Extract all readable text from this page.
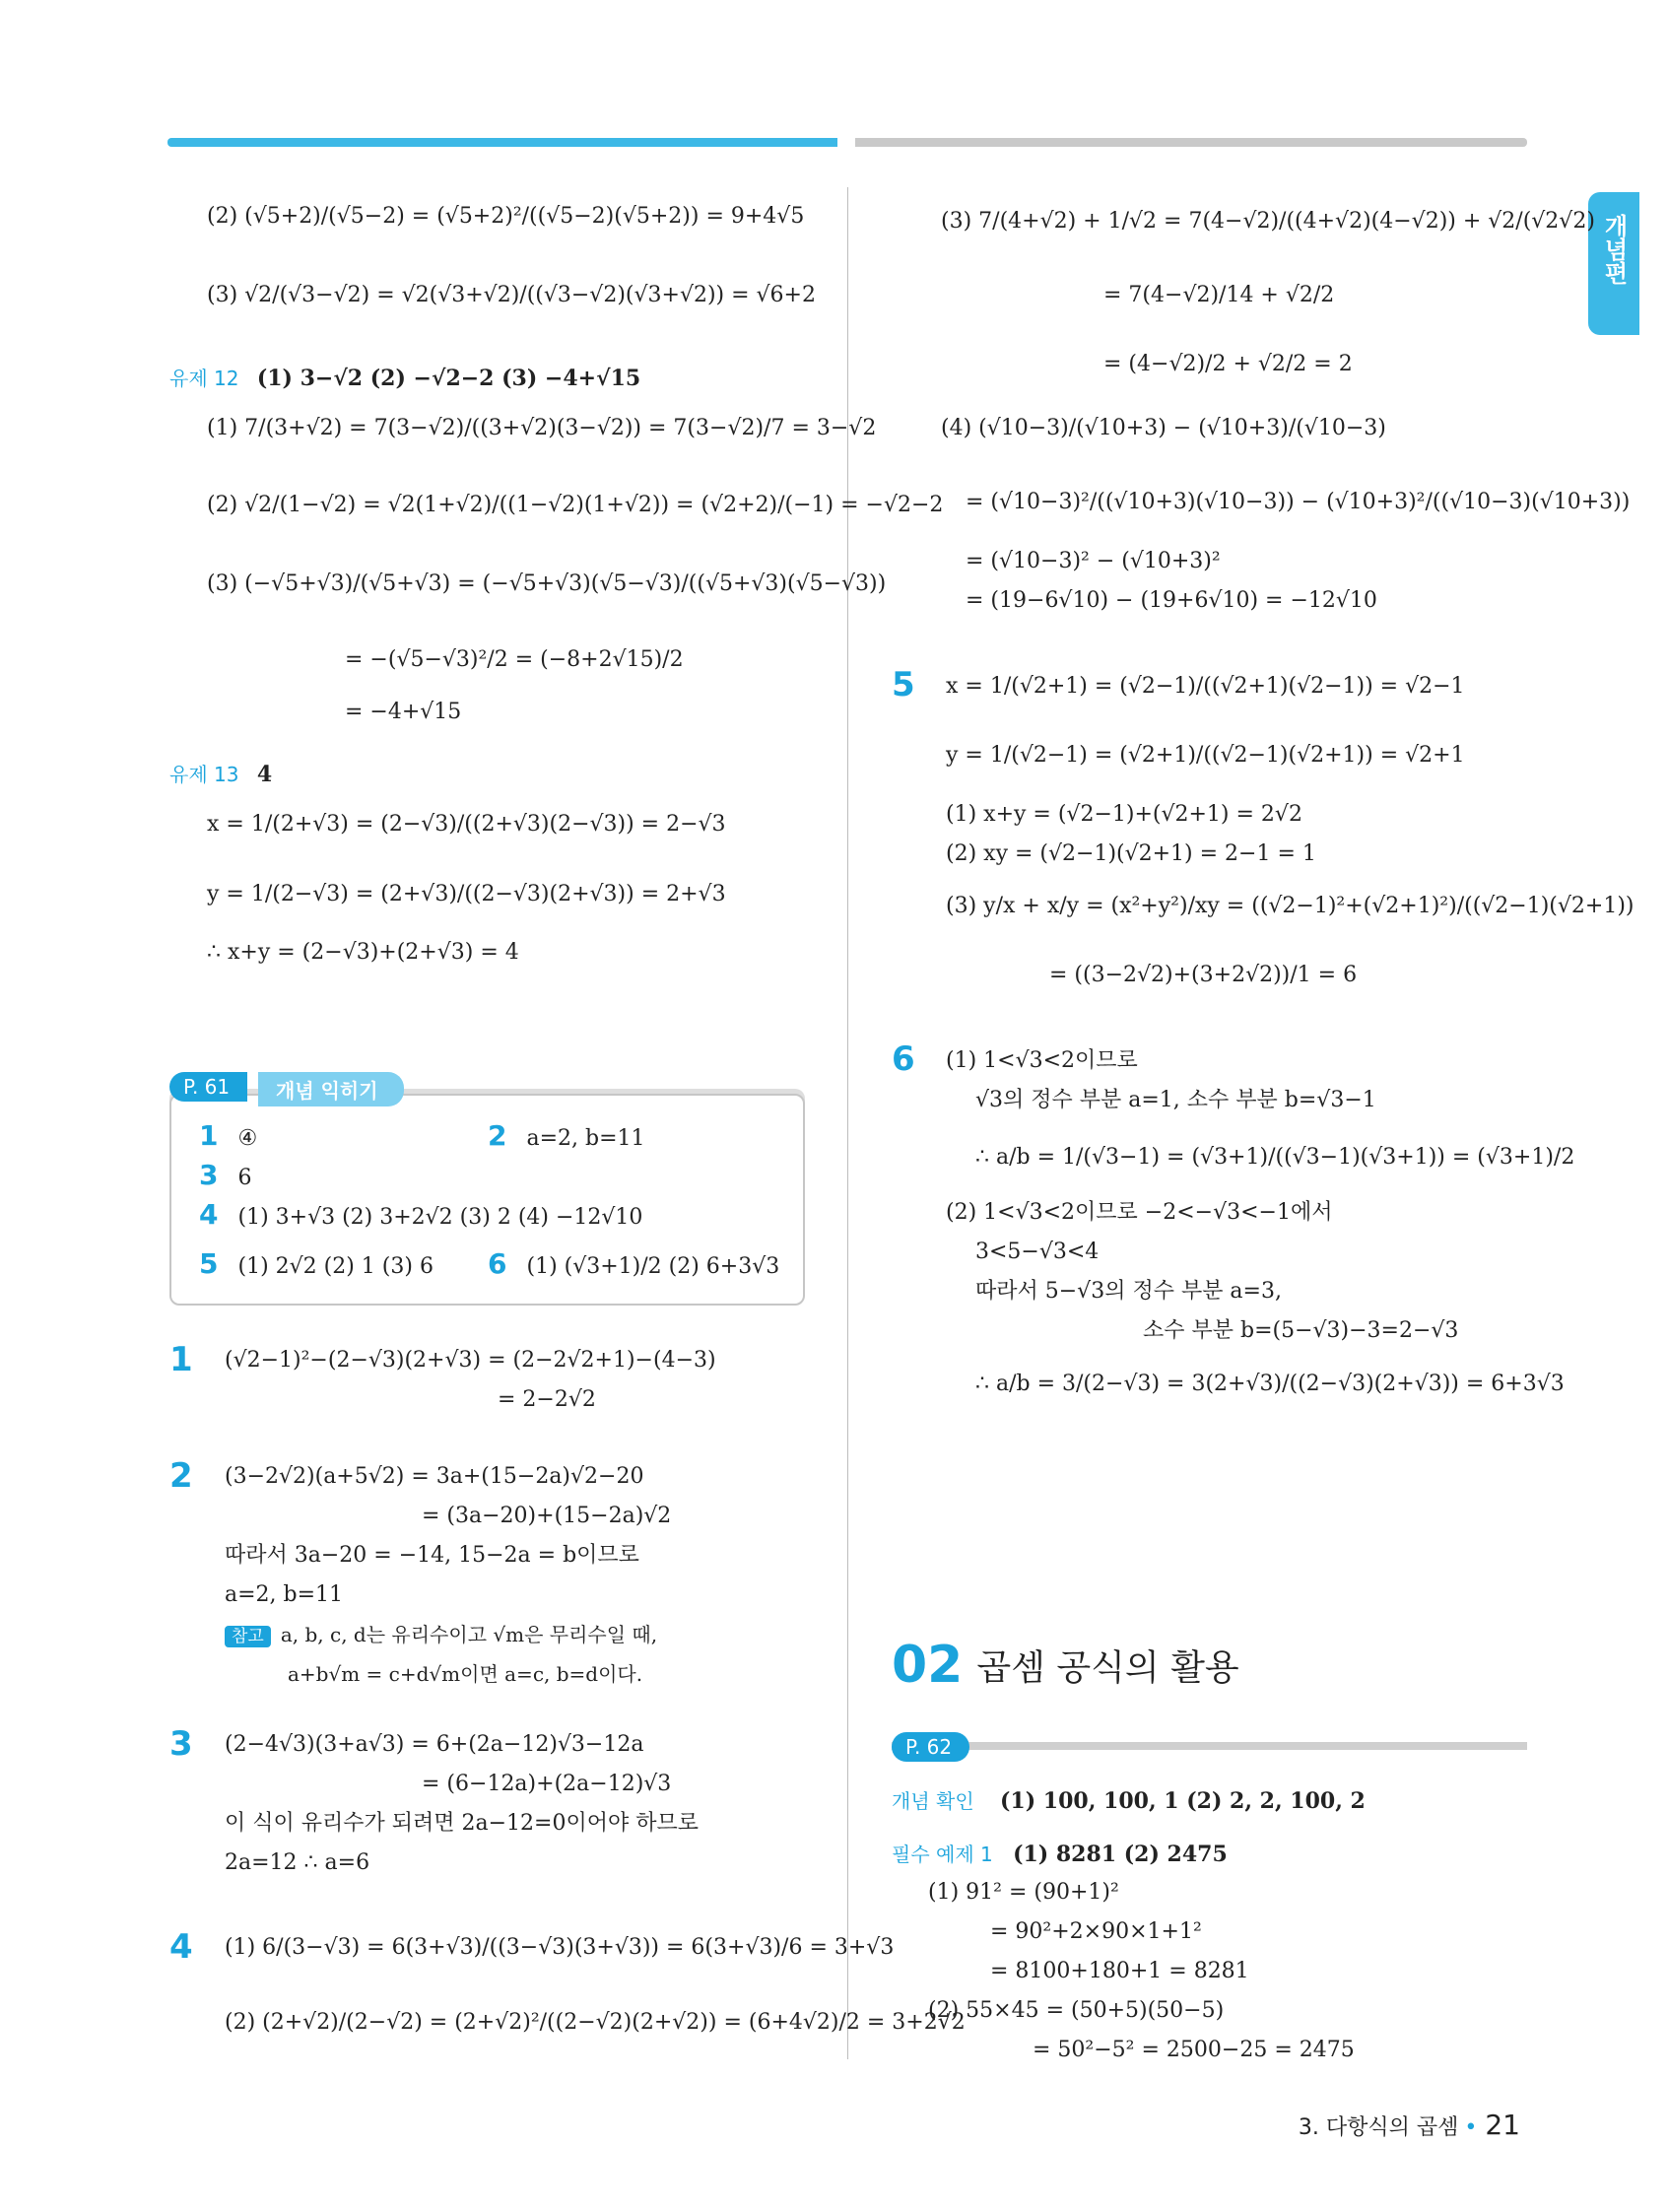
개념편
(2) (√5+2)/(√5−2) = (√5+2)²/((√5−2)(√5+2)) = 9+4√5
(3) √2/(√3−√2) = √2(√3+√2)/((√3−√2)(√3+√2)) = √6+2
유제 12 (1) 3−√2 (2) −√2−2 (3) −4+√15
(1) 7/(3+√2) = 7(3−√2)/((3+√2)(3−√2)) = 7(3−√2)/7 = 3−√2
(2) √2/(1−√2) = √2(1+√2)/((1−√2)(1+√2)) = (√2+2)/(−1) = −√2−2
(3) (−√5+√3)/(√5+√3) = (−√5+√3)(√5−√3)/((√5+√3)(√5−√3))
= −(√5−√3)²/2 = (−8+2√15)/2
= −4+√15
유제 13 4
x = 1/(2+√3) = (2−√3)/((2+√3)(2−√3)) = 2−√3
y = 1/(2−√3) = (2+√3)/((2−√3)(2+√3)) = 2+√3
∴ x+y = (2−√3)+(2+√3) = 4
P. 61	개념 익히기
1 ④	2 a=2, b=11
3 6
4 (1) 3+√3 (2) 3+2√2 (3) 2 (4) −12√10
5 (1) 2√2 (2) 1 (3) 6 6 (1) (√3+1)/2 (2) 6+3√3
1 (√2−1)²−(2−√3)(2+√3) = (2−2√2+1)−(4−3)
= 2−2√2
2 (3−2√2)(a+5√2) = 3a+(15−2a)√2−20
= (3a−20)+(15−2a)√2
따라서 3a−20 = −14, 15−2a = b이므로
a=2, b=11
참고 a, b, c, d는 유리수이고 √m은 무리수일 때,
a+b√m = c+d√m이면 a=c, b=d이다.
3 (2−4√3)(3+a√3) = 6+(2a−12)√3−12a
= (6−12a)+(2a−12)√3
이 식이 유리수가 되려면 2a−12=0이어야 하므로
2a=12 ∴ a=6
4 (1) 6/(3−√3) = 6(3+√3)/((3−√3)(3+√3)) = 6(3+√3)/6 = 3+√3
(2) (2+√2)/(2−√2) = (2+√2)²/((2−√2)(2+√2)) = (6+4√2)/2 = 3+2√2
(3) 7/(4+√2) + 1/√2 = 7(4−√2)/((4+√2)(4−√2)) + √2/(√2√2)
= 7(4−√2)/14 + √2/2
= (4−√2)/2 + √2/2 = 2
(4) (√10−3)/(√10+3) − (√10+3)/(√10−3)
= (√10−3)²/((√10+3)(√10−3)) − (√10+3)²/((√10−3)(√10+3))
= (√10−3)² − (√10+3)²
= (19−6√10) − (19+6√10) = −12√10
5 x = 1/(√2+1) = (√2−1)/((√2+1)(√2−1)) = √2−1
y = 1/(√2−1) = (√2+1)/((√2−1)(√2+1)) = √2+1
(1) x+y = (√2−1)+(√2+1) = 2√2
(2) xy = (√2−1)(√2+1) = 2−1 = 1
(3) y/x + x/y = (x²+y²)/xy = ((√2−1)²+(√2+1)²)/((√2−1)(√2+1))
= ((3−2√2)+(3+2√2))/1 = 6
6 (1) 1<√3<2이므로
√3의 정수 부분 a=1, 소수 부분 b=√3−1
∴ a/b = 1/(√3−1) = (√3+1)/((√3−1)(√3+1)) = (√3+1)/2
(2) 1<√3<2이므로 −2<−√3<−1에서
3<5−√3<4
따라서 5−√3의 정수 부분 a=3,
소수 부분 b=(5−√3)−3=2−√3
∴ a/b = 3/(2−√3) = 3(2+√3)/((2−√3)(2+√3)) = 6+3√3
02 곱셈 공식의 활용
P. 62
개념 확인 (1) 100, 100, 1 (2) 2, 2, 100, 2
필수 예제 1 (1) 8281 (2) 2475
(1) 91² = (90+1)²
= 90²+2×90×1+1²
= 8100+180+1 = 8281
(2) 55×45 = (50+5)(50−5)
= 50²−5² = 2500−25 = 2475
3. 다항식의 곱셈 • 21
